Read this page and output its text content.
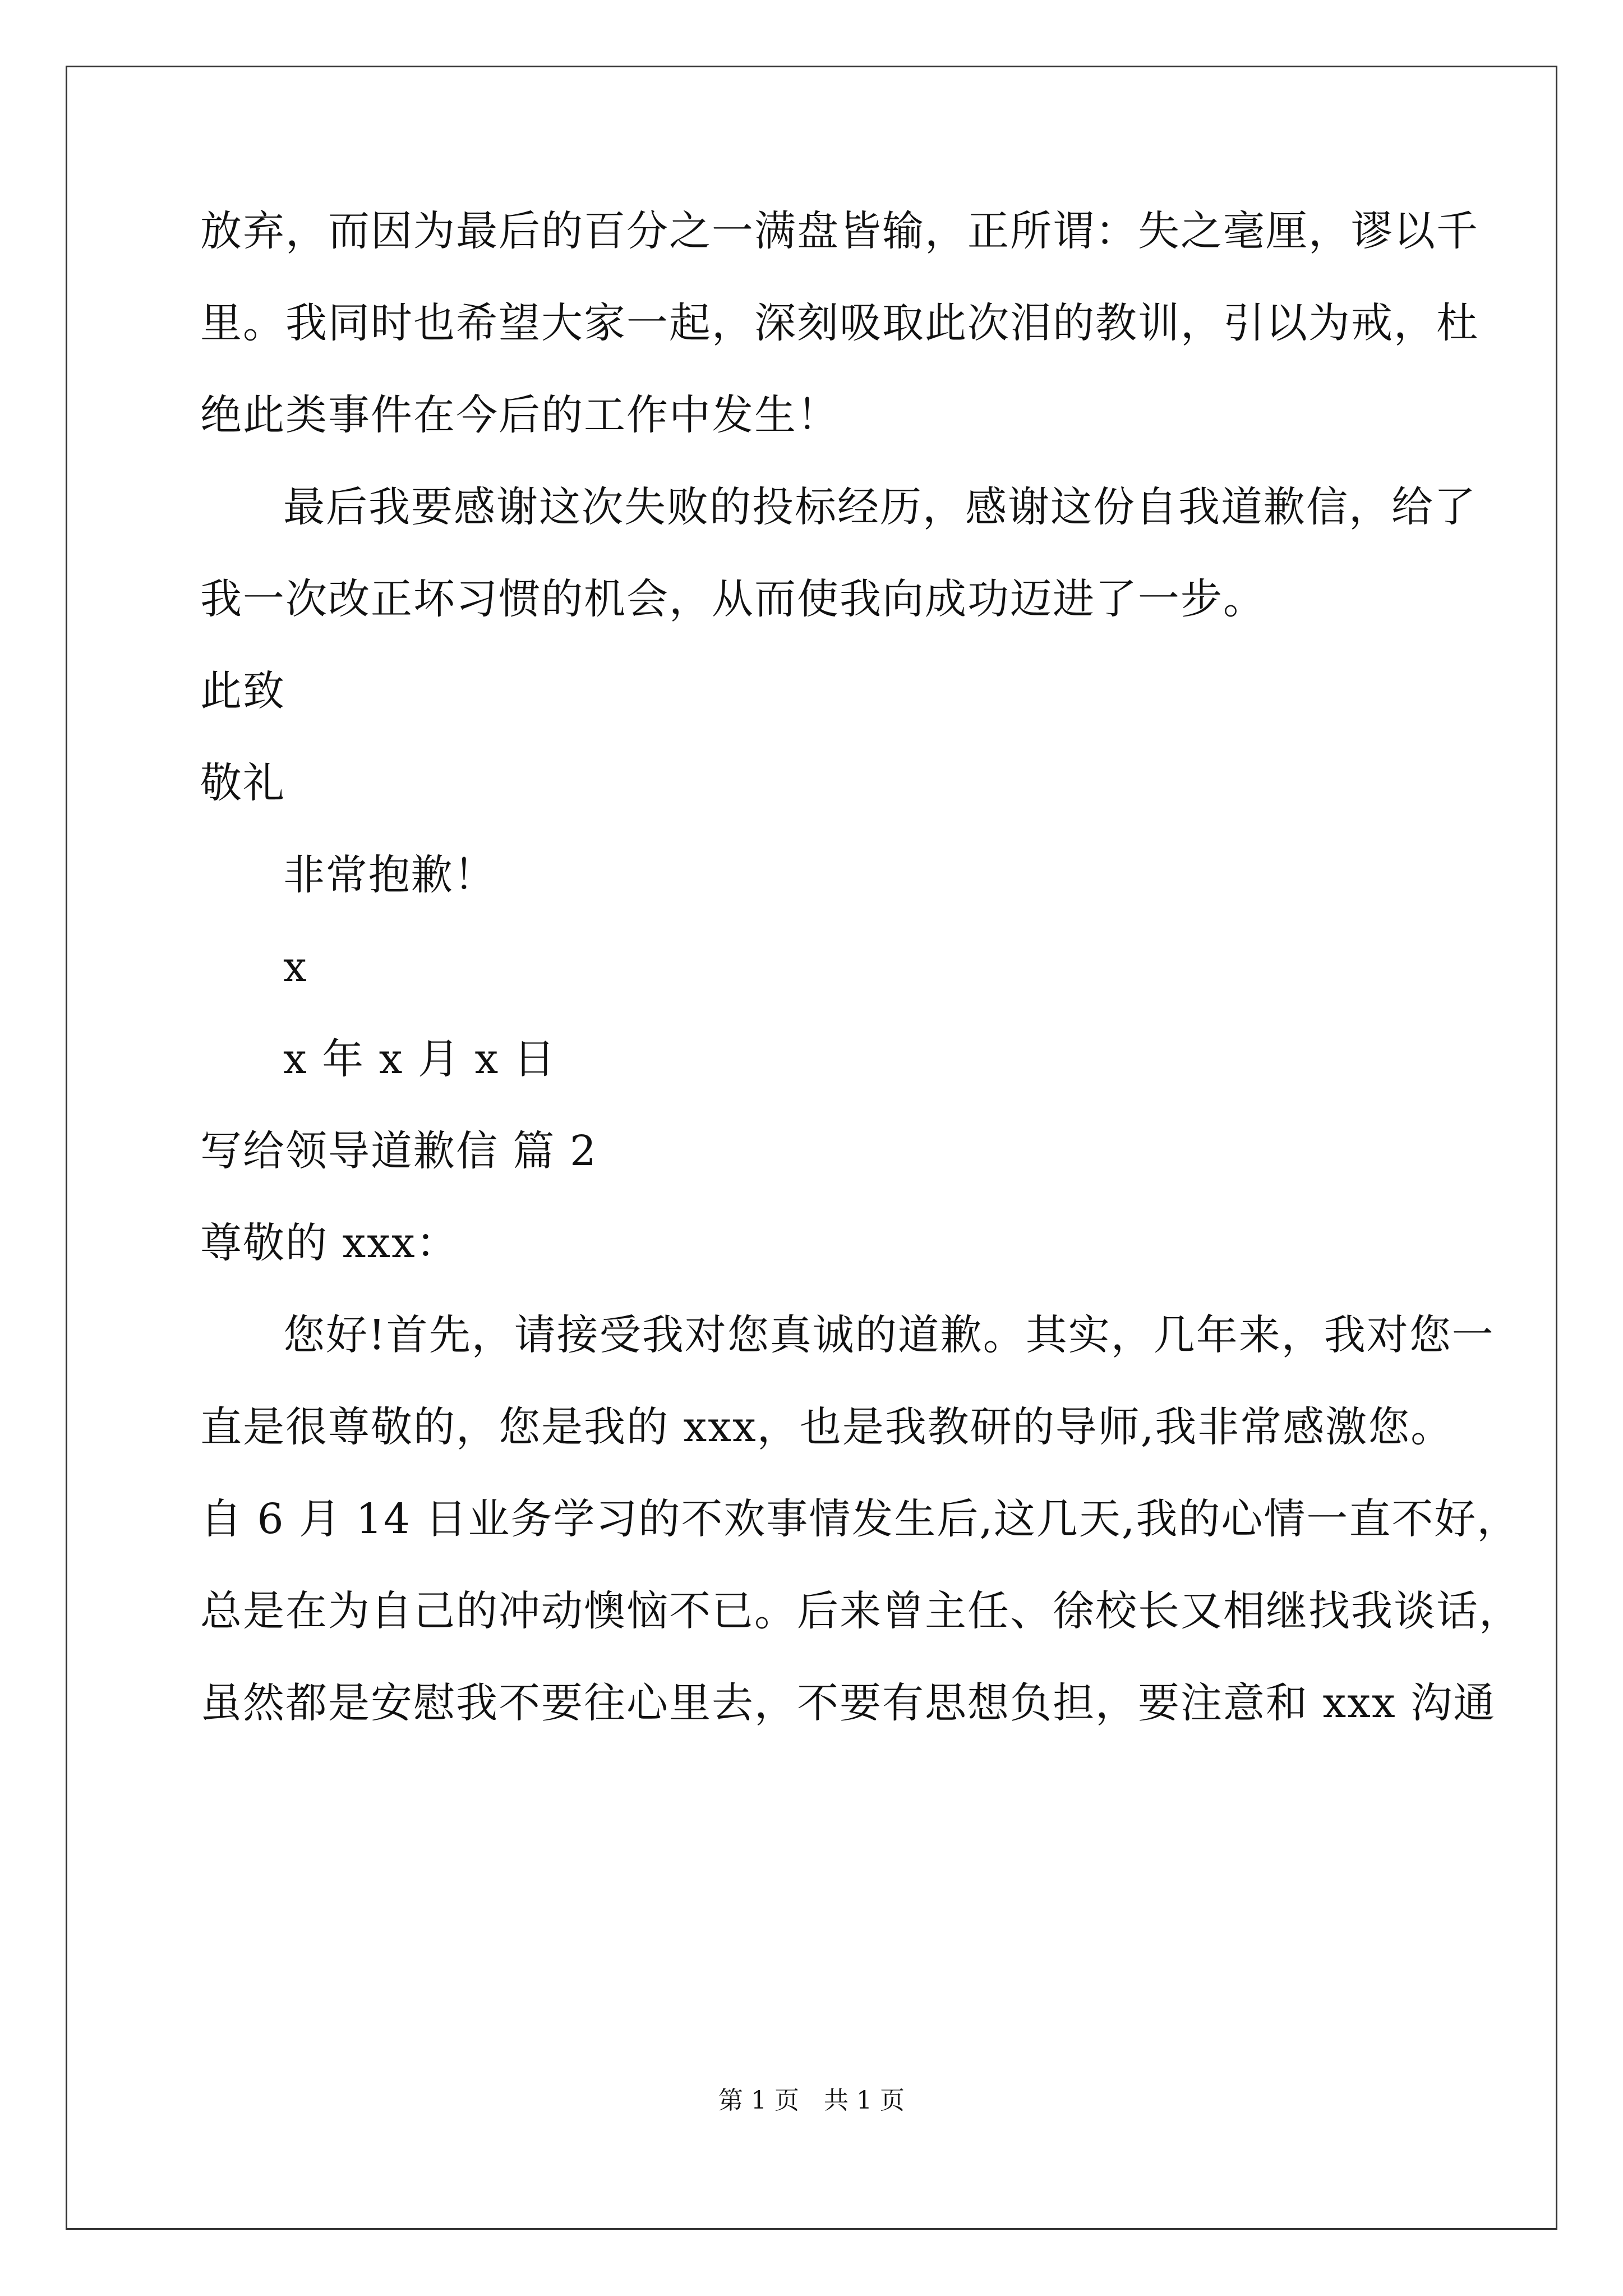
放弃，而因为最后的百分之一满盘皆输，正所谓：失之毫厘，谬以千
里。我同时也希望大家一起，深刻吸取此次泪的教训，引以为戒，杜
绝此类事件在今后的工作中发生！
最后我要感谢这次失败的投标经历，感谢这份自我道歉信，给了
我一次改正坏习惯的机会，从而使我向成功迈进了一步。
此致
敬礼
非常抱歉！
x
x 年 x 月 x 日
写给领导道歉信 篇 2
尊敬的 xxx：
您好!首先，请接受我对您真诚的道歉。其实，几年来，我对您一
直是很尊敬的，您是我的 xxx，也是我教研的导师,我非常感激您。
自 6 月 14 日业务学习的不欢事情发生后,这几天,我的心情一直不好，
总是在为自己的冲动懊恼不已。后来曾主任、徐校长又相继找我谈话，
虽然都是安慰我不要往心里去，不要有思想负担，要注意和 xxx 沟通
第 1 页 共 1 页
